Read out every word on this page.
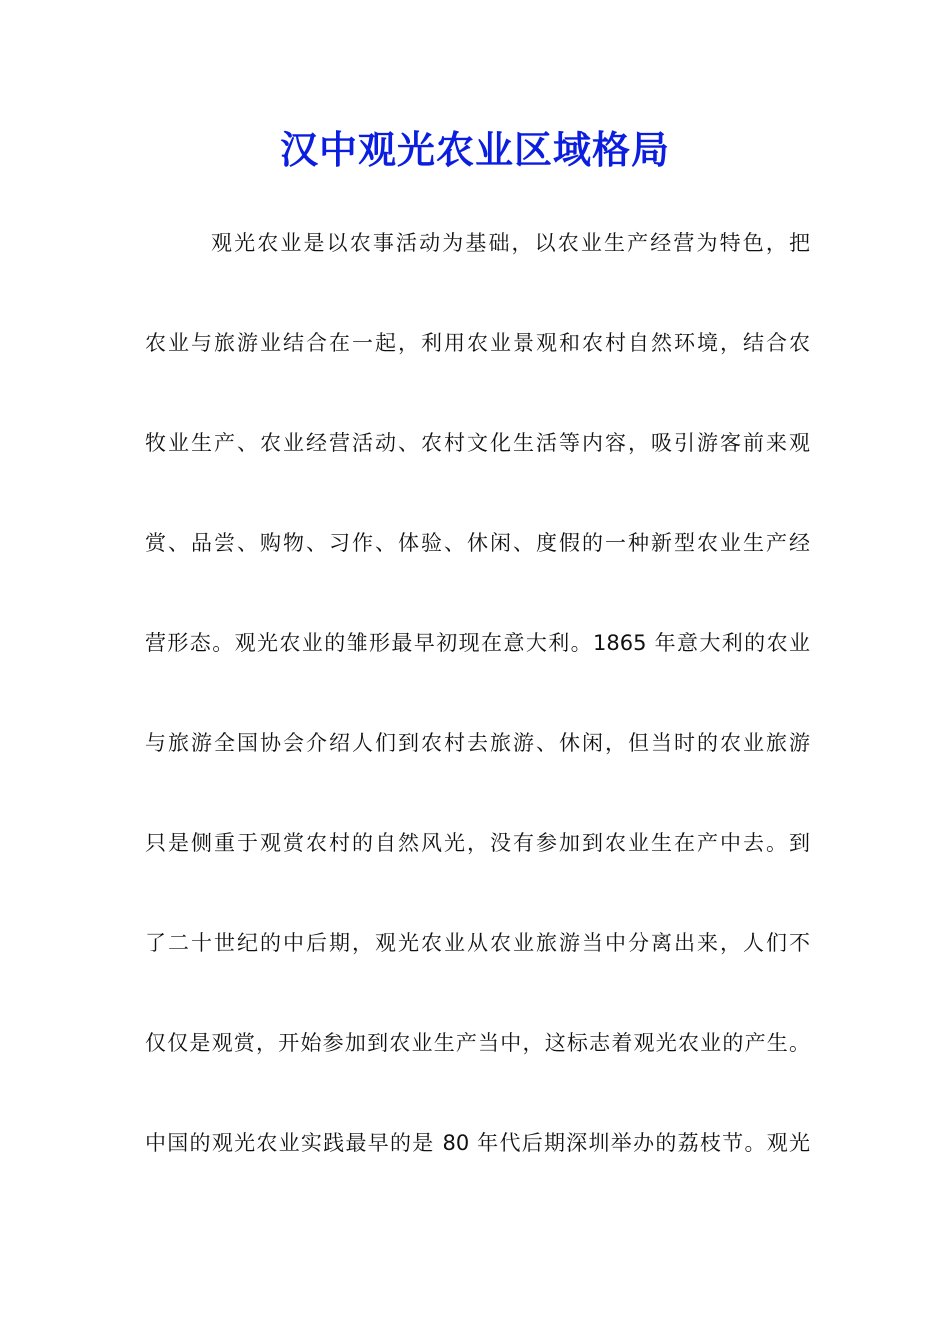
汉中观光农业区域格局
观光农业是以农事活动为基础，以农业生产经营为特色，把
农业与旅游业结合在一起，利用农业景观和农村自然环境，结合农
牧业生产、农业经营活动、农村文化生活等内容，吸引游客前来观
赏、品尝、购物、习作、体验、休闲、度假的一种新型农业生产经
营形态。观光农业的雏形最早初现在意大利。1865 年意大利的农业
与旅游全国协会介绍人们到农村去旅游、休闲，但当时的农业旅游
只是侧重于观赏农村的自然风光，没有参加到农业生在产中去。到
了二十世纪的中后期，观光农业从农业旅游当中分离出来，人们不
仅仅是观赏，开始参加到农业生产当中，这标志着观光农业的产生。
中国的观光农业实践最早的是 80 年代后期深圳举办的荔枝节。观光
